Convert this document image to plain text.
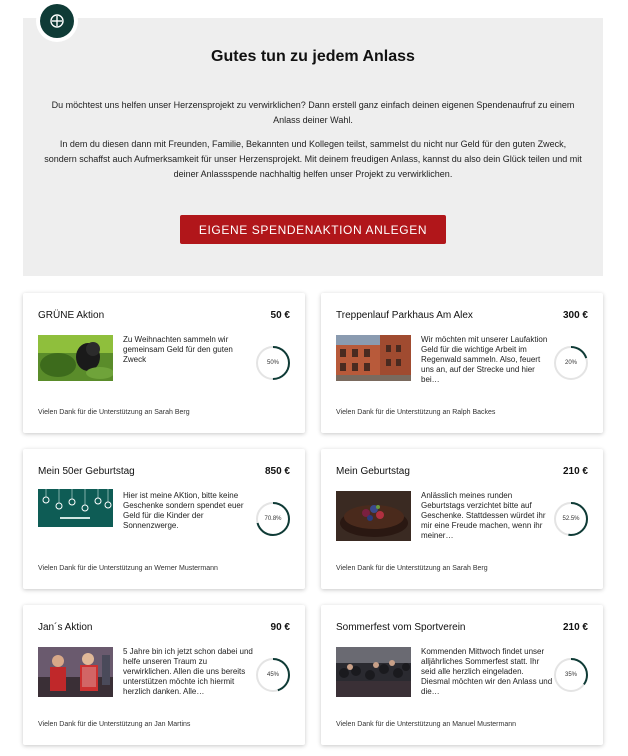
Gutes tun zu jedem Anlass

Du möchtest uns helfen unser Herzensprojekt zu verwirklichen? Dann erstell ganz einfach deinen eigenen Spendenaufruf zu einem Anlass deiner Wahl.

In dem du diesen dann mit Freunden, Familie, Bekannten und Kollegen teilst, sammelst du nicht nur Geld für den guten Zweck, sondern schaffst auch Aufmerksamkeit für unser Herzensprojekt. Mit deinem freudigen Anlass, kannst du also dein Glück teilen und mit deiner Anlassspende nachhaltig helfen unser Projekt zu verwirklichen.

EIGENE SPENDENAKTION ANLEGEN
GRÜNE Aktion	50 €
Zu Weihnachten sammeln wir gemeinsam Geld für den guten Zweck	50%
Vielen Dank für die Unterstützung an Sarah Berg
Treppenlauf Parkhaus Am Alex	300 €
Wir möchten mit unserer Laufaktion Geld für die wichtige Arbeit im Regenwald sammeln. Also, feuert uns an, auf der Strecke und hier bei…
20%
Vielen Dank für die Unterstützung an Ralph Backes
Mein 50er Geburtstag	850 €
Hier ist meine AKtion, bitte keine Geschenke sondern spendet euer Geld für die Kinder der Sonnenzwerge.
70.8%
Vielen Dank für die Unterstützung an Werner Mustermann
Mein Geburtstag	210 €
Anlässlich meines runden Geburtstags verzichtet bitte auf Geschenke. Stattdessen würdet ihr mir eine Freude machen, wenn ihr meiner…
52.5%
Vielen Dank für die Unterstützung an Sarah Berg
Jan´s Aktion	90 €
5 Jahre bin ich jetzt schon dabei und helfe unseren Traum zu verwirklichen. Allen die uns bereits unterstützen möchte ich hiermit herzlich danken. Alle…
45%
Vielen Dank für die Unterstützung an Jan Martins
Sommerfest vom Sportverein	210 €
Kommenden Mittwoch findet unser alljährliches Sommerfest statt. Ihr seid alle herzlich eingeladen. Diesmal möchten wir den Anlass und die…
35%
Vielen Dank für die Unterstützung an Manuel Mustermann
